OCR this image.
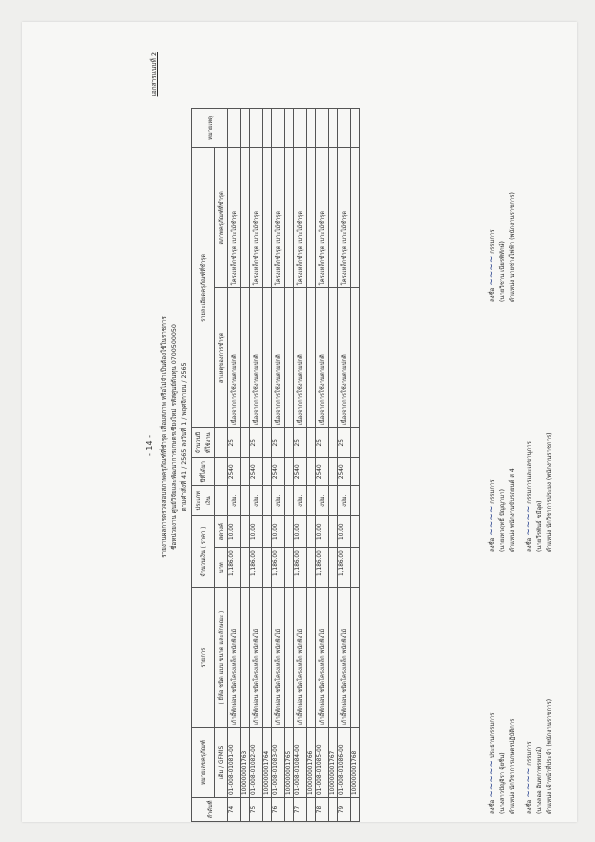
- 14 -
เอกสารแนบที่ 2
รายงานผลการตรวจสอบสภาพครุภัณฑ์ที่ชำรุด เสื่อมสภาพ หรือไม่จำเป็นต้องใช้ในราชการ ชื่อหน่วยงาน ศูนย์วิจัยและพัฒนาการเกษตรเชียงใหม่ รหัสศูนย์ต้นทุน 0700500050 ตามคำสั่งที่ 41 / 2565 ลงวันที่ 1 / พฤศจิกายน / 2565
ลำดับที่	หมายเลขครุภัณฑ์	รายการ	จำนวนเงิน ( ราคา )		ประเภทเงิน	ปีที่ได้มา	จำนวนปีที่ใช้งาน	รายละเอียดครุภัณฑ์ที่ชำรุด		หมายเหตุ	
	เดิม / GFMIS	( ยี่ห้อ ชนิด แบบ ขนาด และลักษณะ )	บาท	สตางค์				สาเหตุของการชำรุด	สภาพครุภัณฑ์ที่ชำรุด		
74	01-008-01081-00	เก้าอี้พักผ่อน ชนิดโครงเหล็ก พนักพิงไม้	1,186.00	10.00	งปม.	2540	25	เนื่องจากการใช้งานตามปกติ	โครงเหล็กชำรุด เบาะไม้ชำรุด		
	100000001763										
75	01-008-01082-00	เก้าอี้พักผ่อน ชนิดโครงเหล็ก พนักพิงไม้	1,186.00	10.00	งปม.	2540	25	เนื่องจากการใช้งานตามปกติ	โครงเหล็กชำรุด เบาะไม้ชำรุด		
	100000001764										
76	01-008-01083-00	เก้าอี้พักผ่อน ชนิดโครงเหล็ก พนักพิงไม้	1,186.00	10.00	งปม.	2540	25	เนื่องจากการใช้งานตามปกติ	โครงเหล็กชำรุด เบาะไม้ชำรุด		
	100000001765										
77	01-008-01084-00	เก้าอี้พักผ่อน ชนิดโครงเหล็ก พนักพิงไม้	1,186.00	10.00	งปม.	2540	25	เนื่องจากการใช้งานตามปกติ	โครงเหล็กชำรุด เบาะไม้ชำรุด		
	100000001766										
78	01-008-01085-00	เก้าอี้พักผ่อน ชนิดโครงเหล็ก พนักพิงไม้	1,186.00	10.00	งปม.	2540	25	เนื่องจากการใช้งานตามปกติ	โครงเหล็กชำรุด เบาะไม้ชำรุด		
	100000001767										
79	01-008-01086-00	เก้าอี้พักผ่อน ชนิดโครงเหล็ก พนักพิงไม้	1,186.00	10.00	งปม.	2540	25	เนื่องจากการใช้งานตามปกติ	โครงเหล็กชำรุด เบาะไม้ชำรุด		
	100000001768										
ลงชื่อ ~~~~~ ประธานกรรมการ
(นางสาวปัญจิรา จุ้ยชื่น) ตำแหน่ง นักวิชาการเกษตรปฏิบัติการ	ลงชื่อ ~~~~ กรรมการ (นางลออ อินทกาพรหมณ์) ตำแหน่ง เจ้าหน้าที่ประจำ (พนักงานราชการ)
ลงชื่อ ~~~~ กรรมการ (นายเทวฤทธิ์ ปัญญามา) ตำแหน่ง พนักงานขับรถยนต์ ส 4	ลงชื่อ ~~~~ กรรมการและเลขานุการ
(นายวีรพันธ์ ชมีอุต) ตำแหน่ง นักวิชาการประมง (พนักงานราชการ)
ลงชื่อ ~~~~ กรรมการ (นายวิชาน เนียรพิทักษ์) ตำแหน่ง นายช่างไฟฟ้า (พนักงานราชการ)
